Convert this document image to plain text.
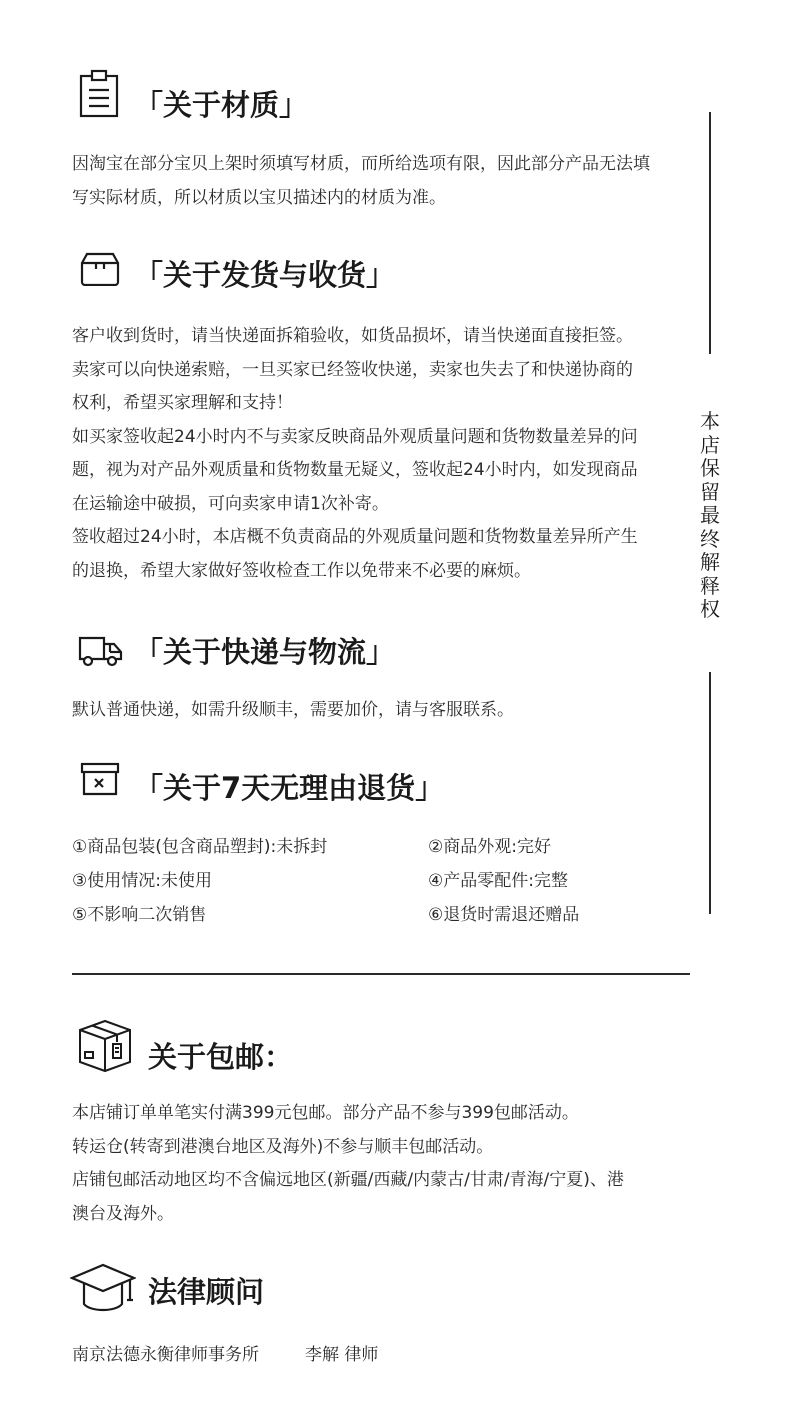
「关于材质」
因淘宝在部分宝贝上架时须填写材质，而所给选项有限，因此部分产品无法填
写实际材质，所以材质以宝贝描述内的材质为准。
「关于发货与收货」
客户收到货时，请当快递面拆箱验收，如货品损坏，请当快递面直接拒签。
卖家可以向快递索赔，一旦买家已经签收快递，卖家也失去了和快递协商的
权利，希望买家理解和支持！
如买家签收起24小时内不与卖家反映商品外观质量问题和货物数量差异的问
题，视为对产品外观质量和货物数量无疑义，签收起24小时内，如发现商品
在运输途中破损，可向卖家申请1次补寄。
签收超过24小时，本店概不负责商品的外观质量问题和货物数量差异所产生
的退换，希望大家做好签收检查工作以免带来不必要的麻烦。
「关于快递与物流」
默认普通快递，如需升级顺丰，需要加价，请与客服联系。
「关于7天无理由退货」
①商品包装(包含商品塑封):未拆封	②商品外观:完好
③使用情况:未使用	④产品零配件:完整
⑤不影响二次销售	⑥退货时需退还赠品
本店保留最终解释权
关于包邮：
本店铺订单单笔实付满399元包邮。部分产品不参与399包邮活动。
转运仓(转寄到港澳台地区及海外)不参与顺丰包邮活动。
店铺包邮活动地区均不含偏远地区(新疆/西藏/内蒙古/甘肃/青海/宁夏)、港
澳台及海外。
法律顾问
南京法德永衡律师事务所	李解 律师
